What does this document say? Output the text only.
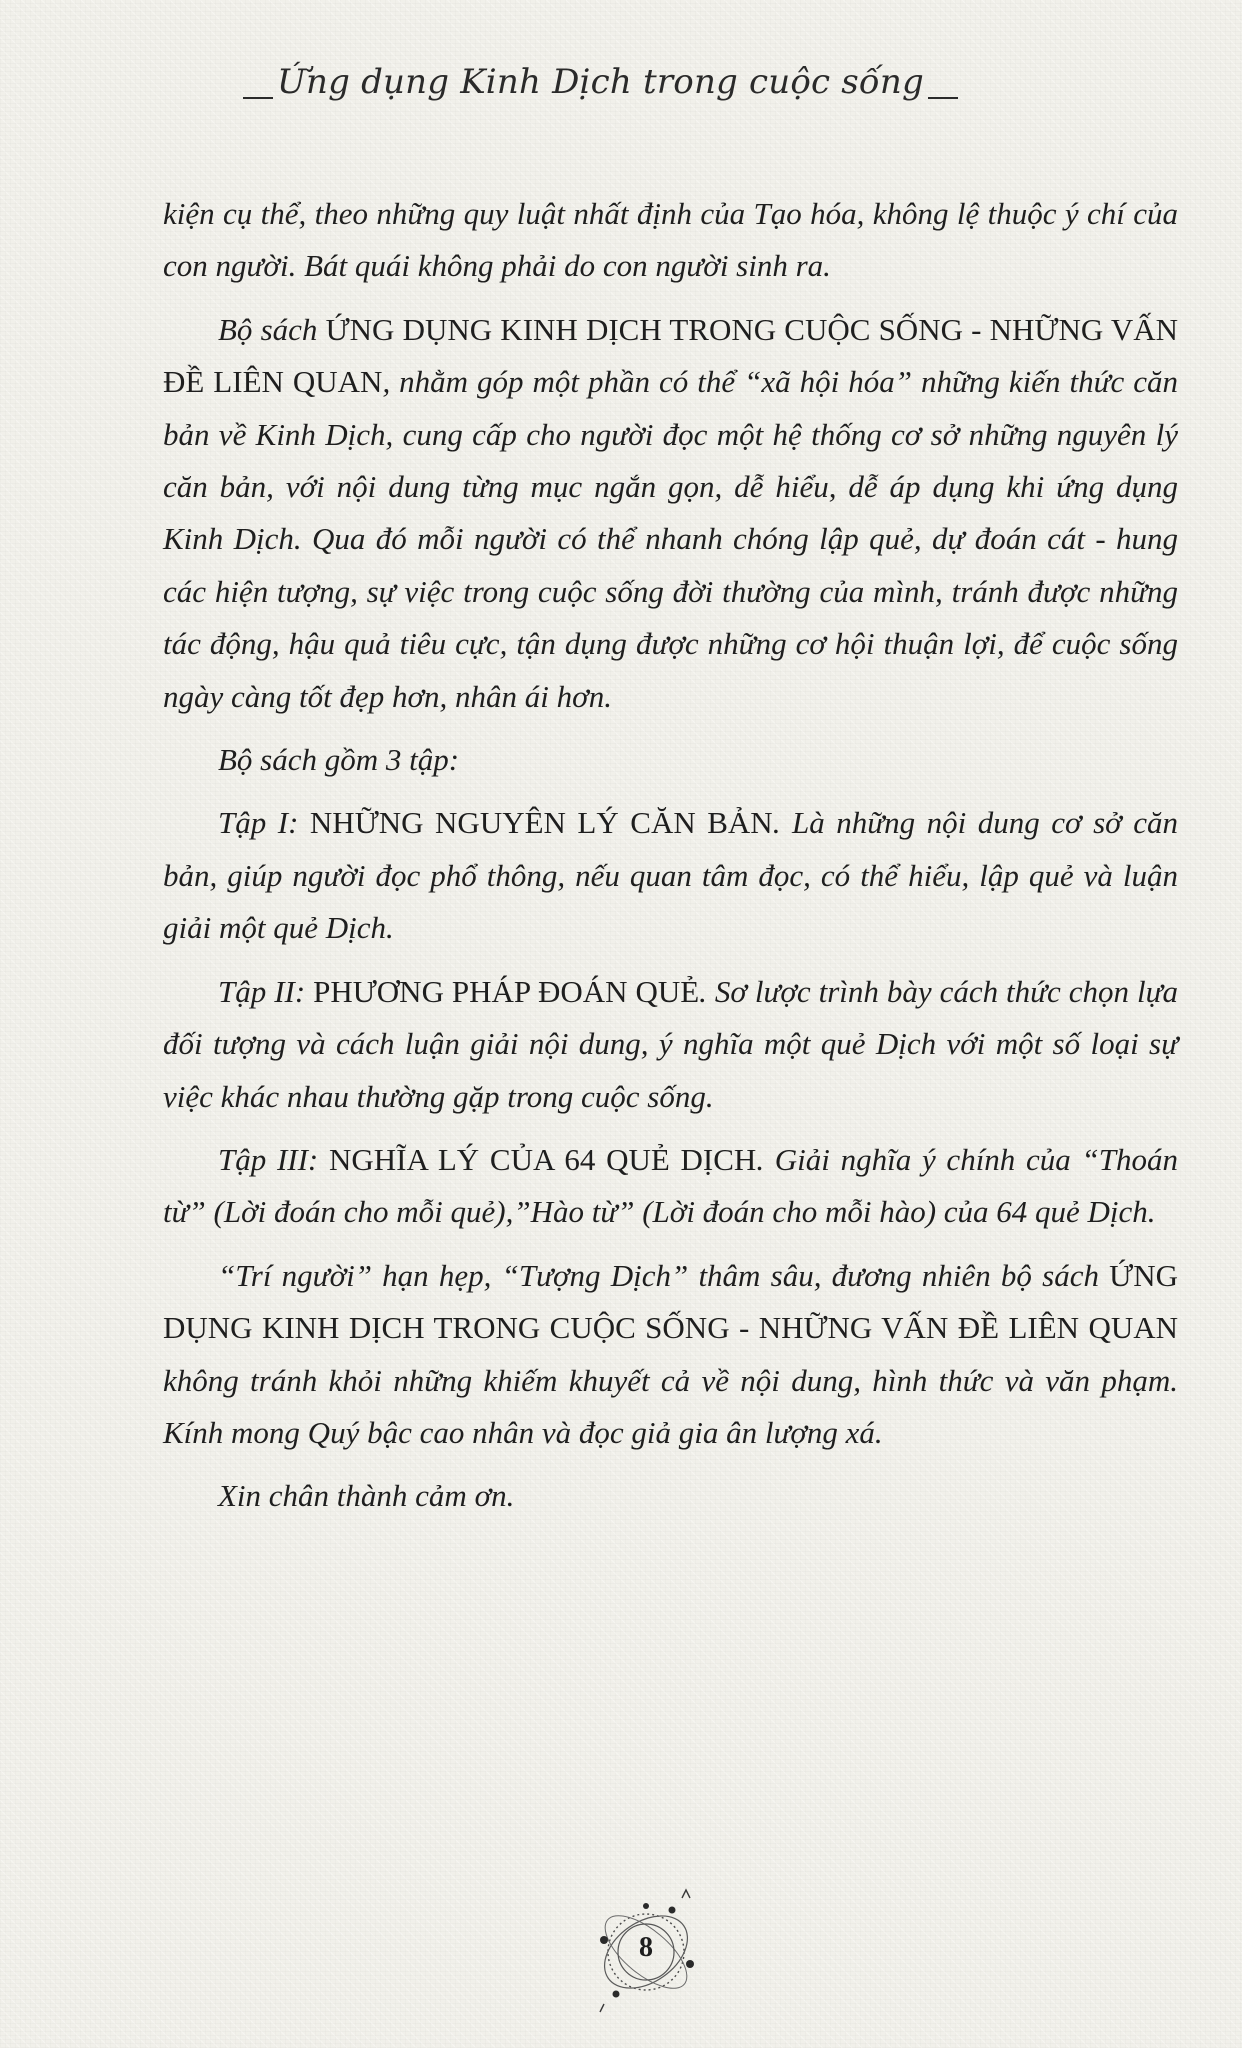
Ứng dụng Kinh Dịch trong cuộc sống

kiện cụ thể, theo những quy luật nhất định của Tạo hóa, không lệ thuộc ý chí của con người. Bát quái không phải do con người sinh ra.

Bộ sách ỨNG DỤNG KINH DỊCH TRONG CUỘC SỐNG - NHỮNG VẤN ĐỀ LIÊN QUAN, nhằm góp một phần có thể “xã hội hóa” những kiến thức căn bản về Kinh Dịch, cung cấp cho người đọc một hệ thống cơ sở những nguyên lý căn bản, với nội dung từng mục ngắn gọn, dễ hiểu, dễ áp dụng khi ứng dụng Kinh Dịch. Qua đó mỗi người có thể nhanh chóng lập quẻ, dự đoán cát - hung các hiện tượng, sự việc trong cuộc sống đời thường của mình, tránh được những tác động, hậu quả tiêu cực, tận dụng được những cơ hội thuận lợi, để cuộc sống ngày càng tốt đẹp hơn, nhân ái hơn.

Bộ sách gồm 3 tập:

Tập I: NHỮNG NGUYÊN LÝ CĂN BẢN. Là những nội dung cơ sở căn bản, giúp người đọc phổ thông, nếu quan tâm đọc, có thể hiểu, lập quẻ và luận giải một quẻ Dịch.

Tập II: PHƯƠNG PHÁP ĐOÁN QUẺ. Sơ lược trình bày cách thức chọn lựa đối tượng và cách luận giải nội dung, ý nghĩa một quẻ Dịch với một số loại sự việc khác nhau thường gặp trong cuộc sống.

Tập III: NGHĨA LÝ CỦA 64 QUẺ DỊCH. Giải nghĩa ý chính của “Thoán từ” (Lời đoán cho mỗi quẻ),”Hào từ” (Lời đoán cho mỗi hào) của 64 quẻ Dịch.

“Trí người” hạn hẹp, “Tượng Dịch” thâm sâu, đương nhiên bộ sách ỨNG DỤNG KINH DỊCH TRONG CUỘC SỐNG - NHỮNG VẤN ĐỀ LIÊN QUAN không tránh khỏi những khiếm khuyết cả về nội dung, hình thức và văn phạm. Kính mong Quý bậc cao nhân và đọc giả gia ân lượng xá.

Xin chân thành cảm ơn.

8
